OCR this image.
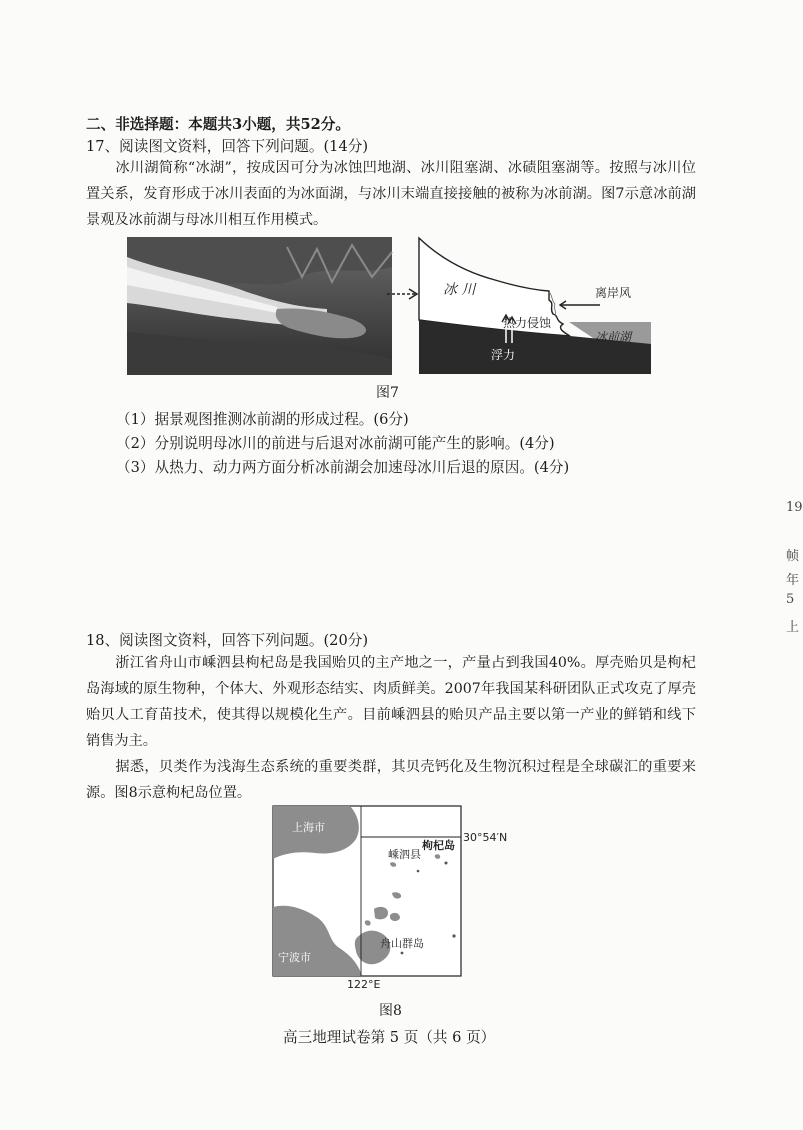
二、非选择题：本题共3小题，共52分。
17、阅读图文资料，回答下列问题。(14分)
冰川湖简称“冰湖”，按成因可分为冰蚀凹地湖、冰川阻塞湖、冰碛阻塞湖等。按照与冰川位置关系，发育形成于冰川表面的为冰面湖，与冰川末端直接接触的被称为冰前湖。图7示意冰前湖景观及冰前湖与母冰川相互作用模式。
冰 川	离岸风
热力侵蚀
冰前湖
浮力
图7
（1）据景观图推测冰前湖的形成过程。(6分)
（2）分别说明母冰川的前进与后退对冰前湖可能产生的影响。(4分)
（3）从热力、动力两方面分析冰前湖会加速母冰川后退的原因。(4分)
19
帧
年
5
上
18、阅读图文资料，回答下列问题。(20分)
浙江省舟山市嵊泗县枸杞岛是我国贻贝的主产地之一，产量占到我国40%。厚壳贻贝是枸杞岛海域的原生物种，个体大、外观形态结实、肉质鲜美。2007年我国某科研团队正式攻克了厚壳贻贝人工育苗技术，使其得以规模化生产。目前嵊泗县的贻贝产品主要以第一产业的鲜销和线下销售为主。
据悉，贝类作为浅海生态系统的重要类群，其贝壳钙化及生物沉积过程是全球碳汇的重要来源。图8示意枸杞岛位置。
上海市
嵊泗县
枸杞岛
30°54′N
舟山群岛
宁波市
122°E
图8
高三地理试卷第 5 页（共 6 页）
